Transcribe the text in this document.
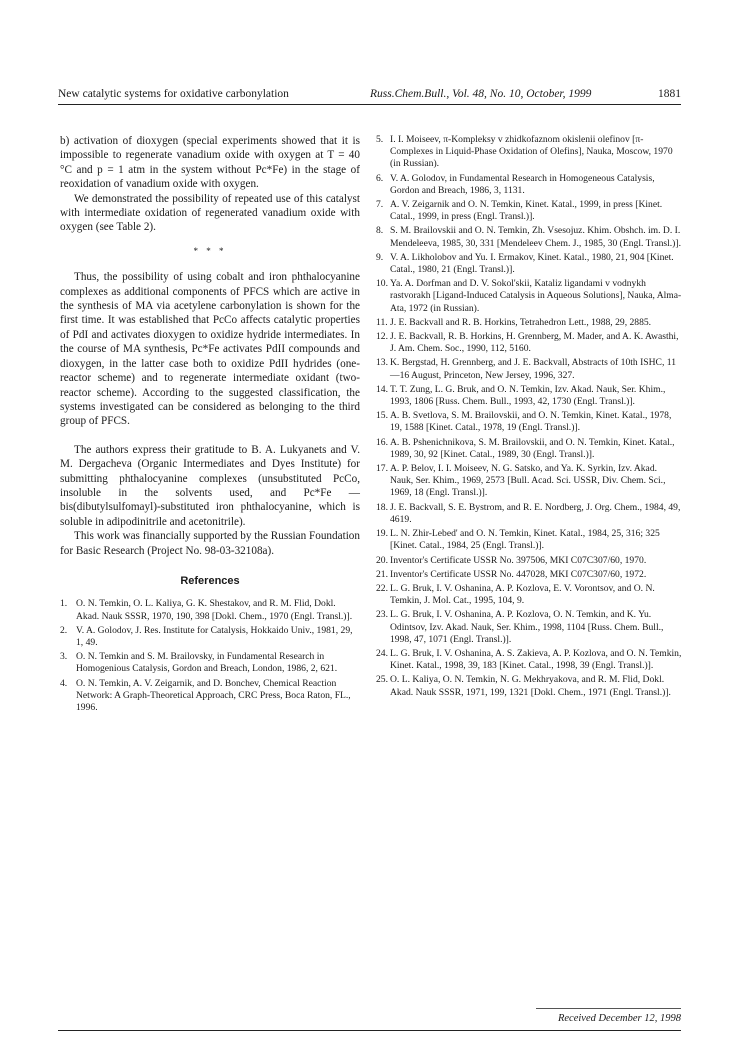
New catalytic systems for oxidative carbonylation	Russ.Chem.Bull., Vol. 48, No. 10, October, 1999	1881

b) activation of dioxygen (special experiments showed that it is impossible to regenerate vanadium oxide with oxygen at T = 40 °C and p = 1 atm in the system without Pc*Fe) in the stage of reoxidation of vanadium oxide with oxygen.

We demonstrated the possibility of repeated use of this catalyst with intermediate oxidation of regenerated vanadium oxide with oxygen (see Table 2).

* * *

Thus, the possibility of using cobalt and iron phthalocyanine complexes as additional components of PFCS which are active in the synthesis of MA via acetylene carbonylation is shown for the first time. It was established that PcCo affects catalytic properties of PdI and activates dioxygen to oxidize hydride intermediates. In the course of MA synthesis, Pc*Fe activates PdII compounds and dioxygen, in the latter case both to oxidize PdII hydrides (one-reactor scheme) and to regenerate intermediate oxidant (two-reactor scheme). According to the suggested classification, the systems investigated can be considered as belonging to the third group of PFCS.

The authors express their gratitude to B. A. Lukyanets and V. M. Dergacheva (Organic Intermediates and Dyes Institute) for submitting phthalocyanine complexes (unsubstituted PcCo, insoluble in the solvents used, and Pc*Fe — bis(dibutylsulfomayl)-substituted iron phthalocyanine, which is soluble in adipodinitrile and acetonitrile).

This work was financially supported by the Russian Foundation for Basic Research (Project No. 98-03-32108a).

References
1. O. N. Temkin, O. L. Kaliya, G. K. Shestakov, and R. M. Flid, Dokl. Akad. Nauk SSSR, 1970, 190, 398 [Dokl. Chem., 1970 (Engl. Transl.)].
2. V. A. Golodov, J. Res. Institute for Catalysis, Hokkaido Univ., 1981, 29, 1, 49.
3. O. N. Temkin and S. M. Brailovsky, in Fundamental Research in Homogenious Catalysis, Gordon and Breach, London, 1986, 2, 621.
4. O. N. Temkin, A. V. Zeigarnik, and D. Bonchev, Chemical Reaction Network: A Graph-Theoretical Approach, CRC Press, Boca Raton, FL., 1996.
5. I. I. Moiseev, π-Kompleksy v zhidkofaznom okislenii olefinov [π-Complexes in Liquid-Phase Oxidation of Olefins], Nauka, Moscow, 1970 (in Russian).
6. V. A. Golodov, in Fundamental Research in Homogeneous Catalysis, Gordon and Breach, 1986, 3, 1131.
7. A. V. Zeigarnik and O. N. Temkin, Kinet. Katal., 1999, in press [Kinet. Catal., 1999, in press (Engl. Transl.)].
8. S. M. Brailovskii and O. N. Temkin, Zh. Vsesojuz. Khim. Obshch. im. D. I. Mendeleeva, 1985, 30, 331 [Mendeleev Chem. J., 1985, 30 (Engl. Transl.)].
9. V. A. Likholobov and Yu. I. Ermakov, Kinet. Katal., 1980, 21, 904 [Kinet. Catal., 1980, 21 (Engl. Transl.)].
10. Ya. A. Dorfman and D. V. Sokol'skii, Kataliz ligandami v vodnykh rastvorakh [Ligand-Induced Catalysis in Aqueous Solutions], Nauka, Alma-Ata, 1972 (in Russian).
11. J. E. Backvall and R. B. Horkins, Tetrahedron Lett., 1988, 29, 2885.
12. J. E. Backvall, R. B. Horkins, H. Grennberg, M. Mader, and A. K. Awasthi, J. Am. Chem. Soc., 1990, 112, 5160.
13. K. Bergstad, H. Grennberg, and J. E. Backvall, Abstracts of 10th ISHC, 11—16 August, Princeton, New Jersey, 1996, 327.
14. T. T. Zung, L. G. Bruk, and O. N. Temkin, Izv. Akad. Nauk, Ser. Khim., 1993, 1806 [Russ. Chem. Bull., 1993, 42, 1730 (Engl. Transl.)].
15. A. B. Svetlova, S. M. Brailovskii, and O. N. Temkin, Kinet. Katal., 1978, 19, 1588 [Kinet. Catal., 1978, 19 (Engl. Transl.)].
16. A. B. Pshenichnikova, S. M. Brailovskii, and O. N. Temkin, Kinet. Katal., 1989, 30, 92 [Kinet. Catal., 1989, 30 (Engl. Transl.)].
17. A. P. Belov, I. I. Moiseev, N. G. Satsko, and Ya. K. Syrkin, Izv. Akad. Nauk, Ser. Khim., 1969, 2573 [Bull. Acad. Sci. USSR, Div. Chem. Sci., 1969, 18 (Engl. Transl.)].
18. J. E. Backvall, S. E. Bystrom, and R. E. Nordberg, J. Org. Chem., 1984, 49, 4619.
19. L. N. Zhir-Lebed' and O. N. Temkin, Kinet. Katal., 1984, 25, 316; 325 [Kinet. Catal., 1984, 25 (Engl. Transl.)].
20. Inventor's Certificate USSR No. 397506, MKI C07C307/60, 1970.
21. Inventor's Certificate USSR No. 447028, MKI C07C307/60, 1972.
22. L. G. Bruk, I. V. Oshanina, A. P. Kozlova, E. V. Vorontsov, and O. N. Temkin, J. Mol. Cat., 1995, 104, 9.
23. L. G. Bruk, I. V. Oshanina, A. P. Kozlova, O. N. Temkin, and K. Yu. Odintsov, Izv. Akad. Nauk, Ser. Khim., 1998, 1104 [Russ. Chem. Bull., 1998, 47, 1071 (Engl. Transl.)].
24. L. G. Bruk, I. V. Oshanina, A. S. Zakieva, A. P. Kozlova, and O. N. Temkin, Kinet. Katal., 1998, 39, 183 [Kinet. Catal., 1998, 39 (Engl. Transl.)].
25. O. L. Kaliya, O. N. Temkin, N. G. Mekhryakova, and R. M. Flid, Dokl. Akad. Nauk SSSR, 1971, 199, 1321 [Dokl. Chem., 1971 (Engl. Transl.)].
Received December 12, 1998
